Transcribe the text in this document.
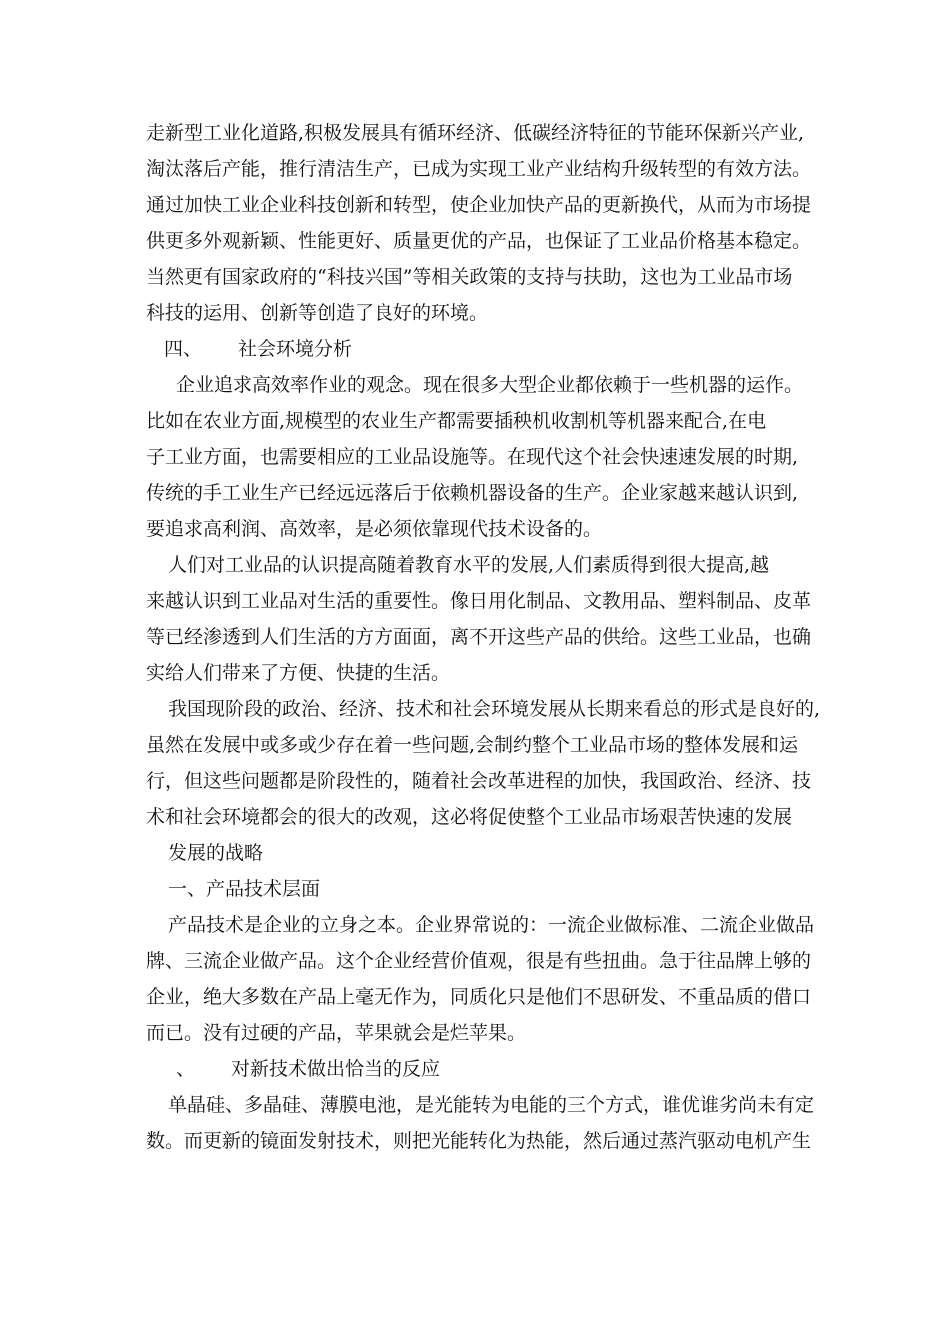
走新型工业化道路,积极发展具有循环经济、低碳经济特征的节能环保新兴产业,
淘汰落后产能，推行清洁生产，已成为实现工业产业结构升级转型的有效方法。
通过加快工业企业科技创新和转型，使企业加快产品的更新换代，从而为市场提
供更多外观新颖、性能更好、质量更优的产品，也保证了工业品价格基本稳定。
当然更有国家政府的“科技兴国”等相关政策的支持与扶助，这也为工业品市场
科技的运用、创新等创造了良好的环境。
四、 社会环境分析
企业追求高效率作业的观念。现在很多大型企业都依赖于一些机器的运作。
比如在农业方面,规模型的农业生产都需要插秧机收割机等机器来配合,在电
子工业方面，也需要相应的工业品设施等。在现代这个社会快速速发展的时期,
传统的手工业生产已经远远落后于依赖机器设备的生产。企业家越来越认识到,
要追求高利润、高效率，是必须依靠现代技术设备的。
人们对工业品的认识提高随着教育水平的发展,人们素质得到很大提高,越
来越认识到工业品对生活的重要性。像日用化制品、文教用品、塑料制品、皮革
等已经渗透到人们生活的方方面面，离不开这些产品的供给。这些工业品，也确
实给人们带来了方便、快捷的生活。
我国现阶段的政治、经济、技术和社会环境发展从长期来看总的形式是良好的,
虽然在发展中或多或少存在着一些问题,会制约整个工业品市场的整体发展和运
行，但这些问题都是阶段性的，随着社会改革进程的加快，我国政治、经济、技
术和社会环境都会的很大的改观，这必将促使整个工业品市场艰苦快速的发展
发展的战略
一、产品技术层面
产品技术是企业的立身之本。企业界常说的：一流企业做标准、二流企业做品
牌、三流企业做产品。这个企业经营价值观，很是有些扭曲。急于往品牌上够的
企业，绝大多数在产品上毫无作为，同质化只是他们不思研发、不重品质的借口
而已。没有过硬的产品，苹果就会是烂苹果。
、 对新技术做出恰当的反应
单晶硅、多晶硅、薄膜电池，是光能转为电能的三个方式，谁优谁劣尚未有定
数。而更新的镜面发射技术，则把光能转化为热能，然后通过蒸汽驱动电机产生
